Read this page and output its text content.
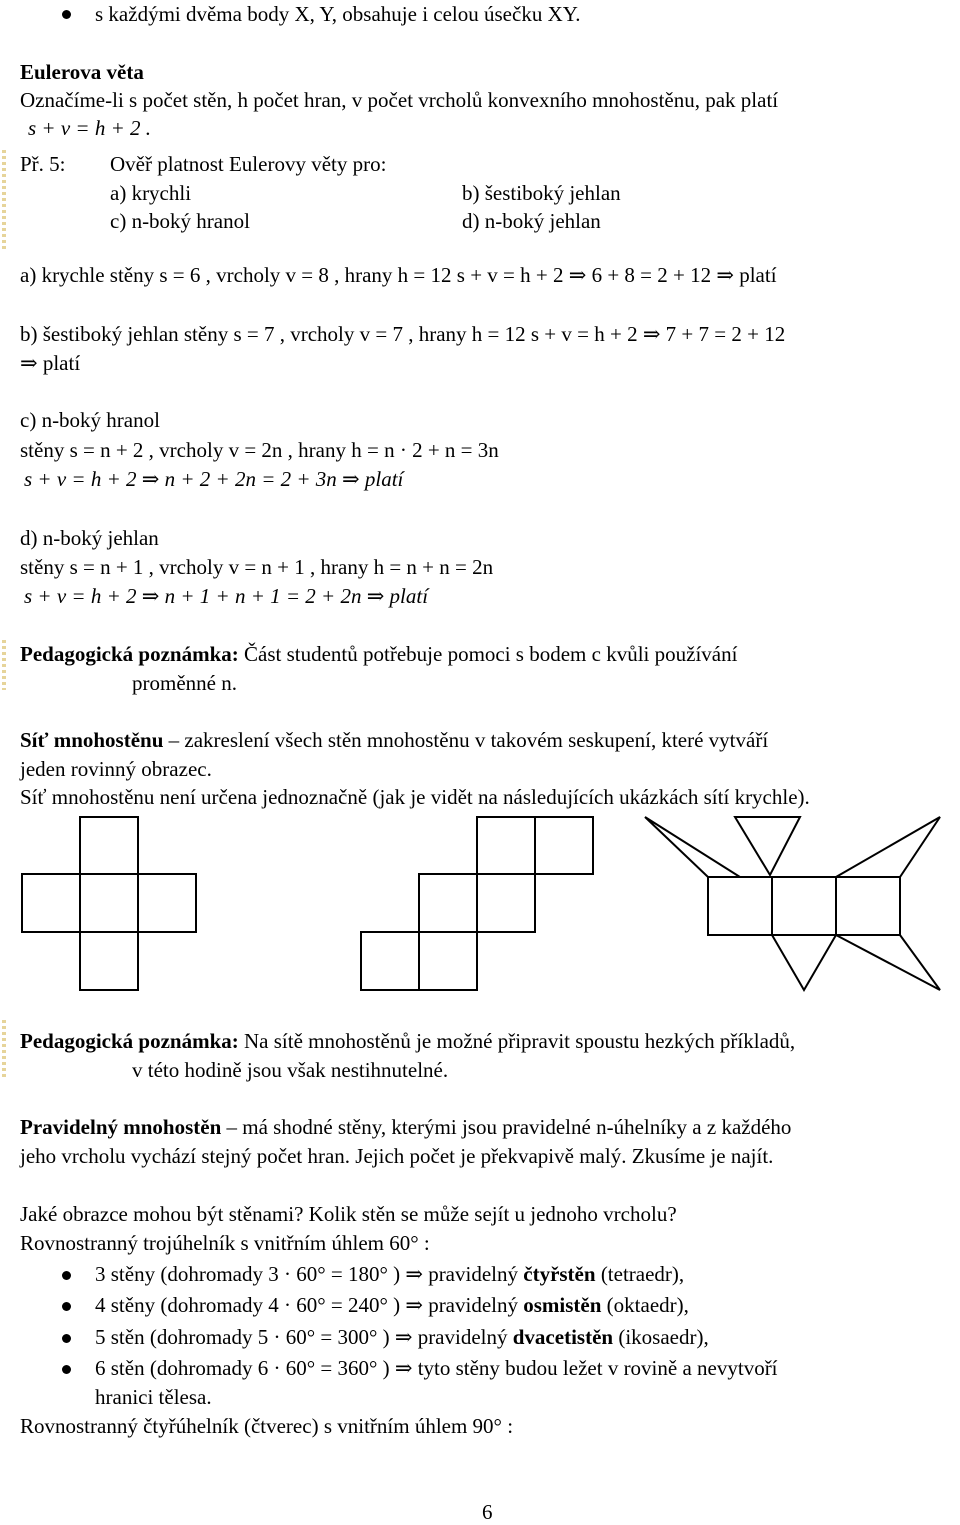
s každými dvěma body X, Y, obsahuje i celou úsečku XY.
Eulerova věta
Označíme-li s počet stěn, h počet hran, v počet vrcholů konvexního mnohostěnu, pak platí
s + v = h + 2 .
Př. 5: Ověř platnost Eulerovy věty pro:
a) krychli	b) šestiboký jehlan
c) n-boký hranol	d) n-boký jehlan
a) krychle stěny s = 6 , vrcholy v = 8 , hrany h = 12 s + v = h + 2 ⇒ 6 + 8 = 2 + 12 ⇒ platí
b) šestiboký jehlan stěny s = 7 , vrcholy v = 7 , hrany h = 12 s + v = h + 2 ⇒ 7 + 7 = 2 + 12
⇒ platí
c) n-boký hranol
stěny s = n + 2 , vrcholy v = 2n , hrany h = n · 2 + n = 3n
s + v = h + 2 ⇒ n + 2 + 2n = 2 + 3n ⇒ platí
d) n-boký jehlan
stěny s = n + 1 , vrcholy v = n + 1 , hrany h = n + n = 2n
s + v = h + 2 ⇒ n + 1 + n + 1 = 2 + 2n ⇒ platí
Pedagogická poznámka: Část studentů potřebuje pomoci s bodem c kvůli používání
proměnné n.
Síť mnohostěnu – zakreslení všech stěn mnohostěnu v takovém seskupení, které vytváří
jeden rovinný obrazec.
Síť mnohostěnu není určena jednoznačně (jak je vidět na následujících ukázkách sítí krychle).
Pedagogická poznámka: Na sítě mnohostěnů je možné připravit spoustu hezkých příkladů,
v této hodině jsou však nestihnutelné.
Pravidelný mnohostěn – má shodné stěny, kterými jsou pravidelné n-úhelníky a z každého
jeho vrcholu vychází stejný počet hran. Jejich počet je překvapivě malý. Zkusíme je najít.
Jaké obrazce mohou být stěnami? Kolik stěn se může sejít u jednoho vrcholu?
Rovnostranný trojúhelník s vnitřním úhlem 60° :
3 stěny (dohromady 3 · 60° = 180° ) ⇒ pravidelný čtyřstěn (tetraedr),
4 stěny (dohromady 4 · 60° = 240° ) ⇒ pravidelný osmistěn (oktaedr),
5 stěn (dohromady 5 · 60° = 300° ) ⇒ pravidelný dvacetistěn (ikosaedr),
6 stěn (dohromady 6 · 60° = 360° ) ⇒ tyto stěny budou ležet v rovině a nevytvoří
hranici tělesa.
Rovnostranný čtyřúhelník (čtverec) s vnitřním úhlem 90° :
6
